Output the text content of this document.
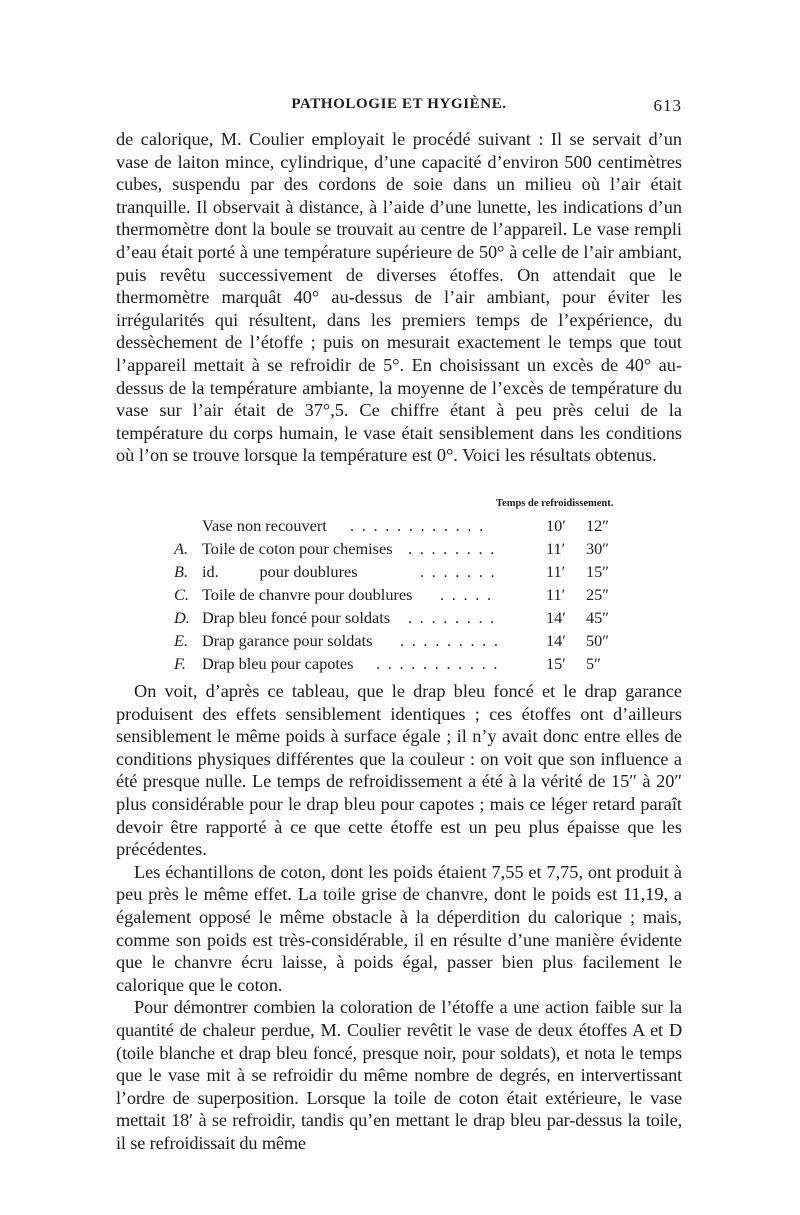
PATHOLOGIE ET HYGIÈNE.	613

de calorique, M. Coulier employait le procédé suivant : Il se servait d’un vase de laiton mince, cylindrique, d’une capacité d’environ 500 centimètres cubes, suspendu par des cordons de soie dans un milieu où l’air était tranquille. Il observait à distance, à l’aide d’une lunette, les indications d’un thermomètre dont la boule se trouvait au centre de l’appareil. Le vase rempli d’eau était porté à une température supérieure de 50° à celle de l’air ambiant, puis revêtu successivement de diverses étoffes. On attendait que le thermomètre marquât 40° au-dessus de l’air ambiant, pour éviter les irrégularités qui résultent, dans les premiers temps de l’expérience, du dessèchement de l’étoffe ; puis on mesurait exactement le temps que tout l’appareil mettait à se refroidir de 5°. En choisissant un excès de 40° au-dessus de la température ambiante, la moyenne de l’excès de température du vase sur l’air était de 37°,5. Ce chiffre étant à peu près celui de la température du corps humain, le vase était sensiblement dans les conditions où l’on se trouve lorsque la température est 0°. Voici les résultats obtenus.

Temps de refroidissement.
Vase non recouvert . . . . . . . . . . . .	10′ 12″
A. Toile de coton pour chemises . . . . . . . .	11′ 30″
B. id.          pour doublures	. . . . . . .	11′ 15″
C. Toile de chanvre pour doublures . . . . .	11′ 25″
D. Drap bleu foncé pour soldats . . . . . . . .	14′ 45″
E. Drap garance pour soldats . . . . . . . . .	14′ 50″
F. Drap bleu pour capotes . . . . . . . . . . .	15′ 5″

On voit, d’après ce tableau, que le drap bleu foncé et le drap garance produisent des effets sensiblement identiques ; ces étoffes ont d’ailleurs sensiblement le même poids à surface égale ; il n’y avait donc entre elles de conditions physiques différentes que la couleur : on voit que son influence a été presque nulle. Le temps de refroidissement a été à la vérité de 15″ à 20″ plus considérable pour le drap bleu pour capotes ; mais ce léger retard paraît devoir être rapporté à ce que cette étoffe est un peu plus épaisse que les précédentes.

Les échantillons de coton, dont les poids étaient 7,55 et 7,75, ont produit à peu près le même effet. La toile grise de chanvre, dont le poids est 11,19, a également opposé le même obstacle à la déperdition du calorique ; mais, comme son poids est très-considérable, il en résulte d’une manière évidente que le chanvre écru laisse, à poids égal, passer bien plus facilement le calorique que le coton.

Pour démontrer combien la coloration de l’étoffe a une action faible sur la quantité de chaleur perdue, M. Coulier revêtit le vase de deux étoffes A et D (toile blanche et drap bleu foncé, presque noir, pour soldats), et nota le temps que le vase mit à se refroidir du même nombre de degrés, en intervertissant l’ordre de superposition. Lorsque la toile de coton était extérieure, le vase mettait 18′ à se refroidir, tandis qu’en mettant le drap bleu par-dessus la toile, il se refroidissait du même
